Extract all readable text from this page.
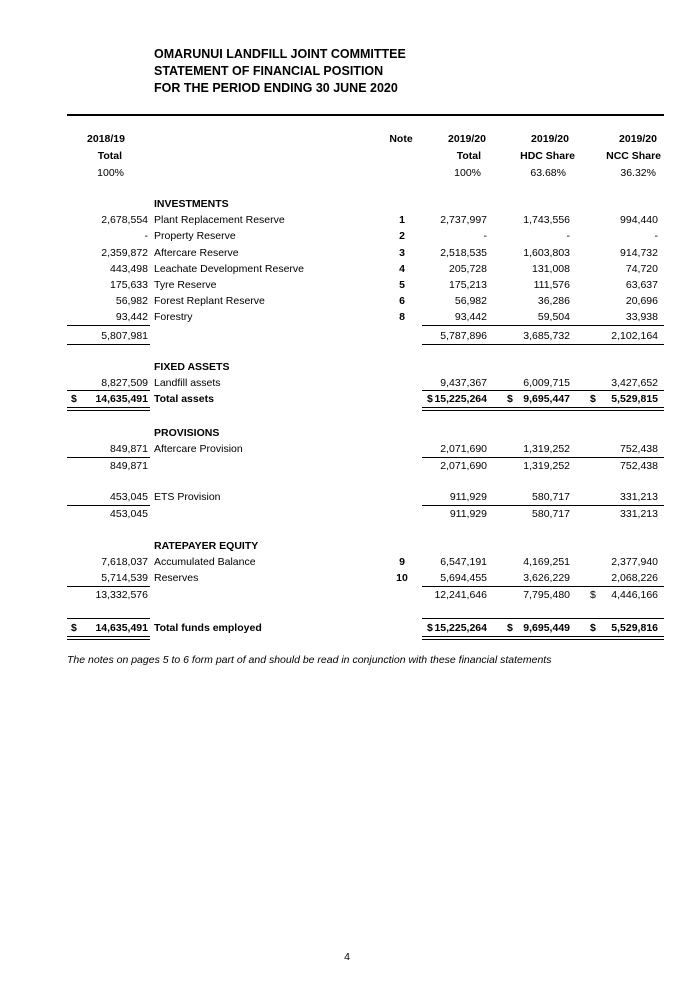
OMARUNUI LANDFILL JOINT COMMITTEE
STATEMENT OF FINANCIAL POSITION
FOR THE PERIOD ENDING 30 JUNE 2020
2018/19	Note	2019/20	2019/20	2019/20
Total	Total	HDC Share	NCC Share
100%	100%	63.68%	36.32%
INVESTMENTS
2,678,554 Plant Replacement Reserve	1	2,737,997	1,743,556	994,440
- Property Reserve	2	-	-	-
2,359,872 Aftercare Reserve	3	2,518,535	1,603,803	914,732
443,498 Leachate Development Reserve	4	205,728	131,008	74,720
175,633 Tyre Reserve	5	175,213	111,576	63,637
56,982 Forest Replant Reserve	6	56,982	36,286	20,696
93,442 Forestry	8	93,442	59,504	33,938
5,807,981	5,787,896	3,685,732	2,102,164
FIXED ASSETS
8,827,509 Landfill assets	9,437,367	6,009,715	3,427,652
$ 14,635,491 Total assets	$ 15,225,264 $ 9,695,447 $ 5,529,815
PROVISIONS
849,871 Aftercare Provision	2,071,690	1,319,252	752,438
849,871	2,071,690	1,319,252	752,438
453,045 ETS Provision	911,929	580,717	331,213
453,045	911,929	580,717	331,213
RATEPAYER EQUITY
7,618,037 Accumulated Balance	9	6,547,191	4,169,251	2,377,940
5,714,539 Reserves	10	5,694,455	3,626,229	2,068,226
13,332,576	12,241,646	7,795,480 $ 4,446,166
$ 14,635,491 Total funds employed	$ 15,225,264 $ 9,695,449 $ 5,529,816
The notes on pages 5 to 6 form part of and should be read in conjunction with these financial statements
4
